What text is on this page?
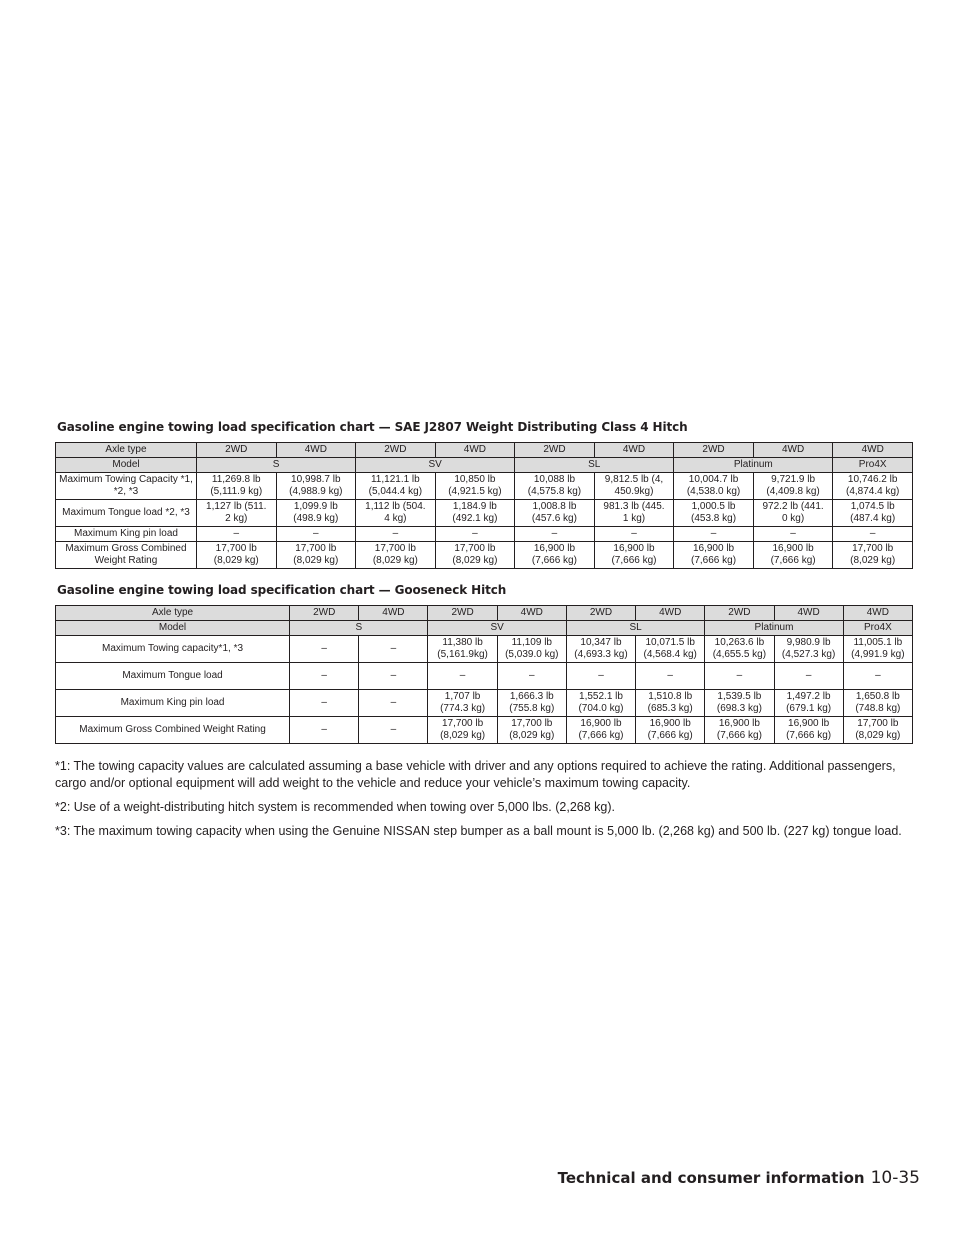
Gasoline engine towing load specification chart — SAE J2807 Weight Distributing Class 4 Hitch
Axle type	2WD	4WD	2WD	4WD	2WD	4WD	2WD	4WD	4WD
Model	S		SV		SL		Platinum		Pro4X
Maximum Towing Capacity *1, *2, *3	11,269.8 lb
(5,111.9 kg)	10,998.7 lb
(4,988.9 kg)	11,121.1 lb
(5,044.4 kg)	10,850 lb
(4,921.5 kg)	10,088 lb
(4,575.8 kg)	9,812.5 lb (4,
450.9kg)	10,004.7 lb
(4,538.0 kg)	9,721.9 lb
(4,409.8 kg)	10,746.2 lb
(4,874.4 kg)

Maximum Tongue load *2, *3	1,127 lb (511.
2 kg)	1,099.9 lb
(498.9 kg)	1,112 lb (504.
4 kg)	1,184.9 lb
(492.1 kg)	1,008.8 lb
(457.6 kg)	981.3 lb (445.
1 kg)	1,000.5 lb
(453.8 kg)	972.2 lb (441.
0 kg)	1,074.5 lb
(487.4 kg)

Maximum King pin load	–	–	–	–	–	–	–	–	–

Maximum Gross Combined Weight Rating	17,700 lb
(8,029 kg)	17,700 lb
(8,029 kg)	17,700 lb
(8,029 kg)	17,700 lb
(8,029 kg)	16,900 lb
(7,666 kg)	16,900 lb
(7,666 kg)	16,900 lb
(7,666 kg)	16,900 lb
(7,666 kg)	17,700 lb
(8,029 kg)
Gasoline engine towing load specification chart — Gooseneck Hitch
Axle type	2WD	4WD	2WD	4WD	2WD	4WD	2WD	4WD	4WD
Model	S		SV		SL		Platinum		Pro4X
Maximum Towing capacity*1, *3	–	–	11,380 lb
(5,161.9kg)	11,109 lb
(5,039.0 kg)	10,347 lb
(4,693.3 kg)	10,071.5 lb
(4,568.4 kg)	10,263.6 lb
(4,655.5 kg)	9,980.9 lb
(4,527.3 kg)	11,005.1 lb
(4,991.9 kg)

Maximum Tongue load	–	–	–	–	–	–	–	–	–

Maximum King pin load	–	–	1,707 lb
(774.3 kg)	1,666.3 lb
(755.8 kg)	1,552.1 lb
(704.0 kg)	1,510.8 lb
(685.3 kg)	1,539.5 lb
(698.3 kg)	1,497.2 lb
(679.1 kg)	1,650.8 lb
(748.8 kg)

Maximum Gross Combined Weight Rating	–	–	17,700 lb
(8,029 kg)	17,700 lb
(8,029 kg)	16,900 lb
(7,666 kg)	16,900 lb
(7,666 kg)	16,900 lb
(7,666 kg)	16,900 lb
(7,666 kg)	17,700 lb
(8,029 kg)

*1: The towing capacity values are calculated assuming a base vehicle with driver and any options required to achieve the rating. Additional passengers, cargo and/or optional equipment will add weight to the vehicle and reduce your vehicle’s maximum towing capacity.

*2: Use of a weight-distributing hitch system is recommended when towing over 5,000 lbs. (2,268 kg).

*3: The maximum towing capacity when using the Genuine NISSAN step bumper as a ball mount is 5,000 lb. (2,268 kg) and 500 lb. (227 kg) tongue load.

Technical and consumer information 10-35
